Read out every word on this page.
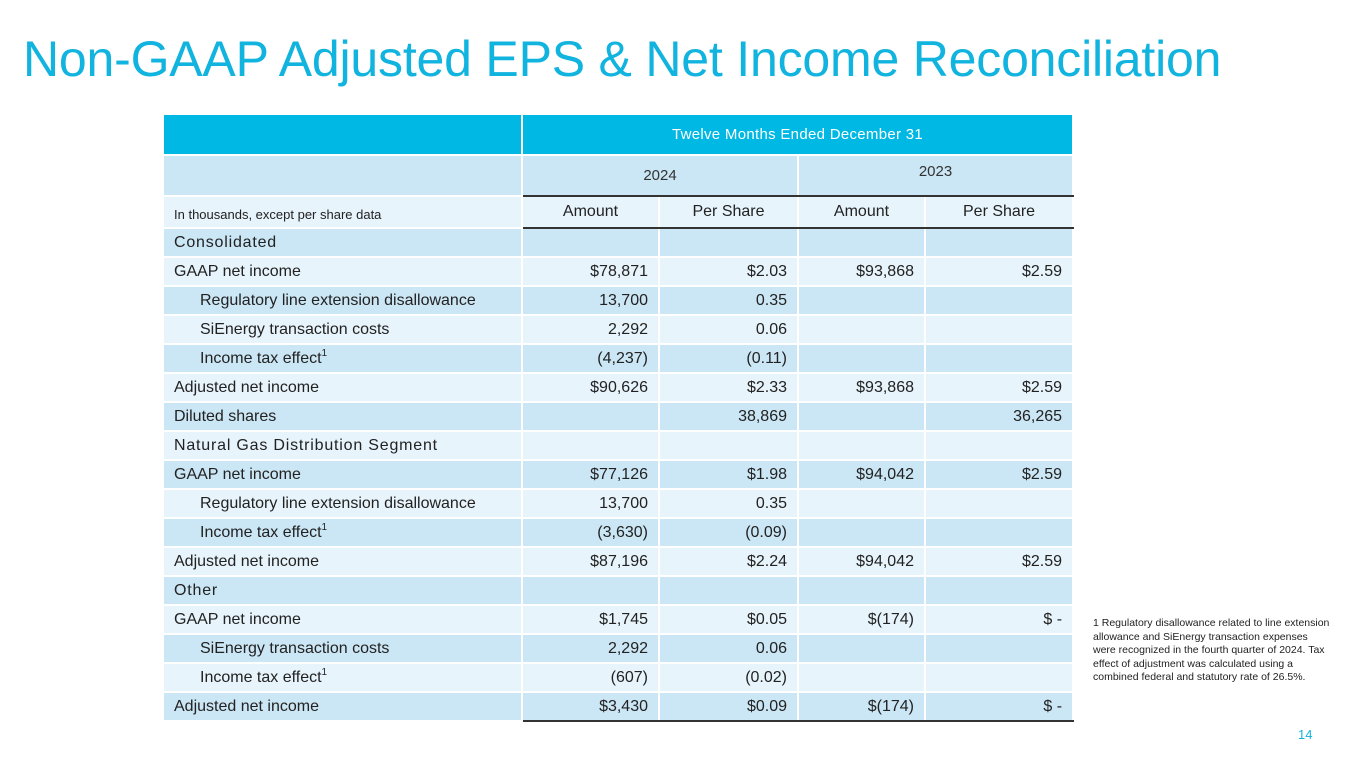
Non-GAAP Adjusted EPS & Net Income Reconciliation
	Twelve Months Ended December 31			
	2024		2023	
In thousands, except per share data	Amount	Per Share	Amount	Per Share
Consolidated				
GAAP net income	$78,871	$2.03	$93,868	$2.59
Regulatory line extension disallowance	13,700	0.35		
SiEnergy transaction costs	2,292	0.06		
Income tax effect$^1$	(4,237)	(0.11)		
Adjusted net income	$90,626	$2.33	$93,868	$2.59
Diluted shares		38,869		36,265
Natural Gas Distribution Segment				
GAAP net income	$77,126	$1.98	$94,042	$2.59
Regulatory line extension disallowance	13,700	0.35		
Income tax effect$^1$	(3,630)	(0.09)		
Adjusted net income	$87,196	$2.24	$94,042	$2.59
Other				
GAAP net income	$1,745	$0.05	$(174)	$ -
SiEnergy transaction costs	2,292	0.06		
Income tax effect$^1$	(607)	(0.02)		
Adjusted net income	$3,430	$0.09	$(174)	$ -
1 Regulatory disallowance related to line extension allowance and SiEnergy transaction expenses were recognized in the fourth quarter of 2024. Tax effect of adjustment was calculated using a combined federal and statutory rate of 26.5%.
14
